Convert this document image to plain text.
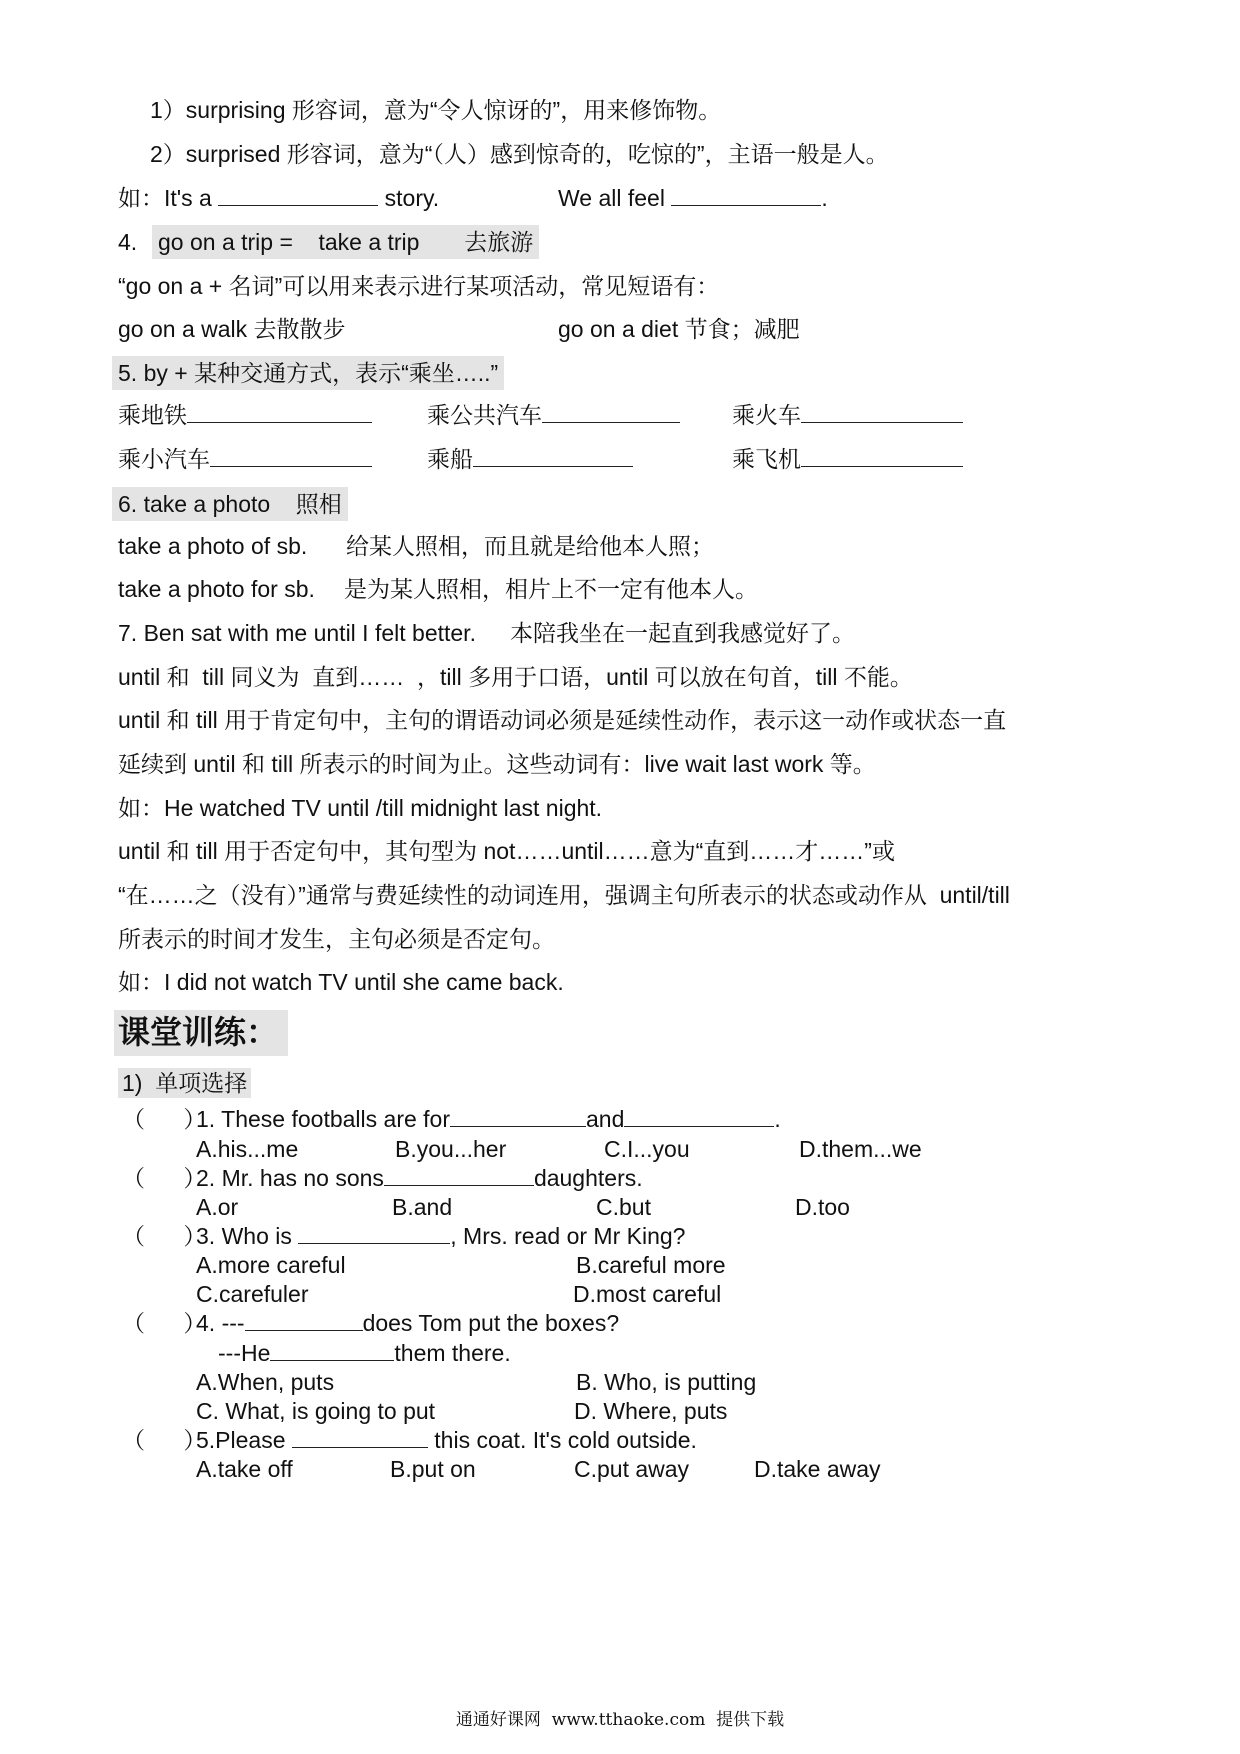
1）surprising 形容词，意为“令人惊讶的”，用来修饰物。
2）surprised 形容词，意为“（人）感到惊奇的，吃惊的”，主语一般是人。
如：It's a	story.	We all feel	.
4. go on a trip =    take a trip       去旅游
“go on a + 名词”可以用来表示进行某项活动，常见短语有：
go on a walk 去散散步	go on a diet 节食；减肥
5. by + 某种交通方式，表示“乘坐…..”
乘地铁	乘公共汽车	乘火车
乘小汽车	乘船	乘飞机
6. take a photo    照相
take a photo of sb. 给某人照相，而且就是给他本人照；
take a photo for sb. 是为某人照相，相片上不一定有他本人。
7. Ben sat with me until I felt better. 本陪我坐在一起直到我感觉好了。
until 和  till 同义为  直到……  ，till 多用于口语，until 可以放在句首，till 不能。
until 和 till 用于肯定句中，主句的谓语动词必须是延续性动作，表示这一动作或状态一直
延续到 until 和 till 所表示的时间为止。这些动词有：live wait last work 等。
如：He watched TV until /till midnight last night.
until 和 till 用于否定句中，其句型为 not……until……意为“直到……才……”或
“在……之（没有）”通常与费延续性的动词连用，强调主句所表示的状态或动作从  until/till
所表示的时间才发生，主句必须是否定句。
如：I did not watch TV until she came back.
课堂训练：
1)  单项选择
（      ）
1. These footballs are for	and	.
A.his...me	B.you...her	C.I...you	D.them...we
（      ）
2. Mr. has no sons	daughters.
A.or	B.and	C.but	D.too
（      ）
3. Who is	, Mrs. read or Mr King?
A.more careful	B.careful more
C.carefuler	D.most careful
（      ）
4. ---	does Tom put the boxes?
---He	them there.
A.When, puts	B. Who, is putting
C. What, is going to put	D. Where, puts
（      ）
5.Please	this coat. It's cold outside.
A.take off	B.put on	C.put away	D.take away
通通好课网  www.tthaoke.com  提供下载
